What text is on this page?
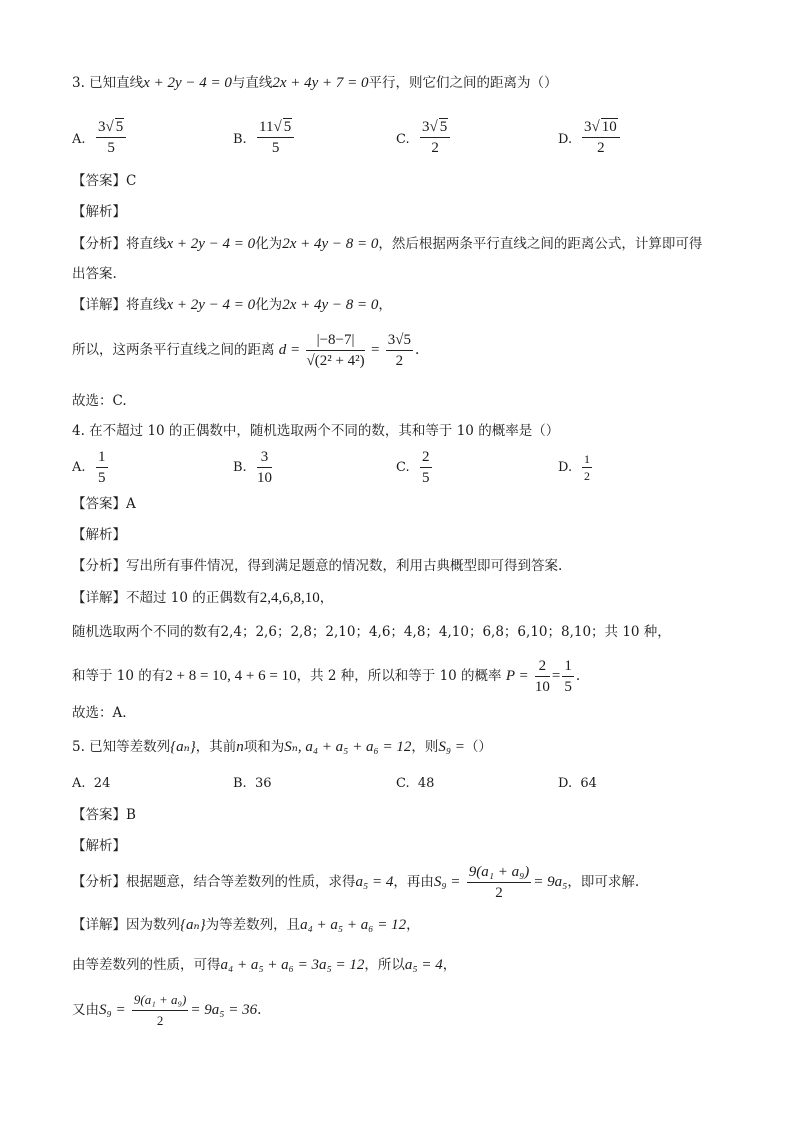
3. 已知直线x + 2y − 4 = 0与直线2x + 4y + 7 = 0平行，则它们之间的距离为（）
A. $\frac{3√ 5}{5}$	B. $\frac{11√ 5}{5}$	C. $\frac{3√ 5}{2}$	D. $\frac{3√ 10}{2}$
【答案】C
【解析】
【分析】将直线x + 2y − 4 = 0化为2x + 4y − 8 = 0，然后根据两条平行直线之间的距离公式，计算即可得
出答案.
【详解】将直线x + 2y − 4 = 0化为2x + 4y − 8 = 0，
所以，这两条平行直线之间的距离 $d = \frac{|-8-7|}{\text{√(2² + 4²)}} = \frac{3√5}{2}$ .
故选：C.
4. 在不超过 10 的正偶数中，随机选取两个不同的数，其和等于 10 的概率是（）
A. $\frac{1}{5}$	B. $\frac{3}{10}$	C. $\frac{2}{5}$	D. $\frac{1}{2}$
【答案】A
【解析】
【分析】写出所有事件情况，得到满足题意的情况数，利用古典概型即可得到答案.
【详解】不超过 10 的正偶数有2,4,6,8,10，
随机选取两个不同的数有2,4；2,6；2,8；2,10；4,6；4,8；4,10；6,8；6,10；8,10；共 10 种，
和等于 10 的有2 + 8 = 10, 4 + 6 = 10，共 2 种，所以和等于 10 的概率 $P = \frac{2}{10} = \frac{1}{5}$ .
故选：A.
5. 已知等差数列{aₙ}，其前n项和为Sₙ, a₄ + a₅ + a₆ = 12，则S₉ =（）
A. 24	B. 36	C. 48	D. 64
【答案】B
【解析】
【分析】根据题意，结合等差数列的性质，求得a₅ = 4，再由$S_9 = \frac{\text{9(a₁ + a₉)}}{2} = 9a_5$，即可求解.
【详解】因为数列{aₙ}为等差数列，且a₄ + a₅ + a₆ = 12，
由等差数列的性质，可得a₄ + a₅ + a₆ = 3a₅ = 12，所以a₅ = 4，
又由$S_9 = \frac{\text{9(a₁ + a₉)}}{2} = 9a_5 = 36$.
